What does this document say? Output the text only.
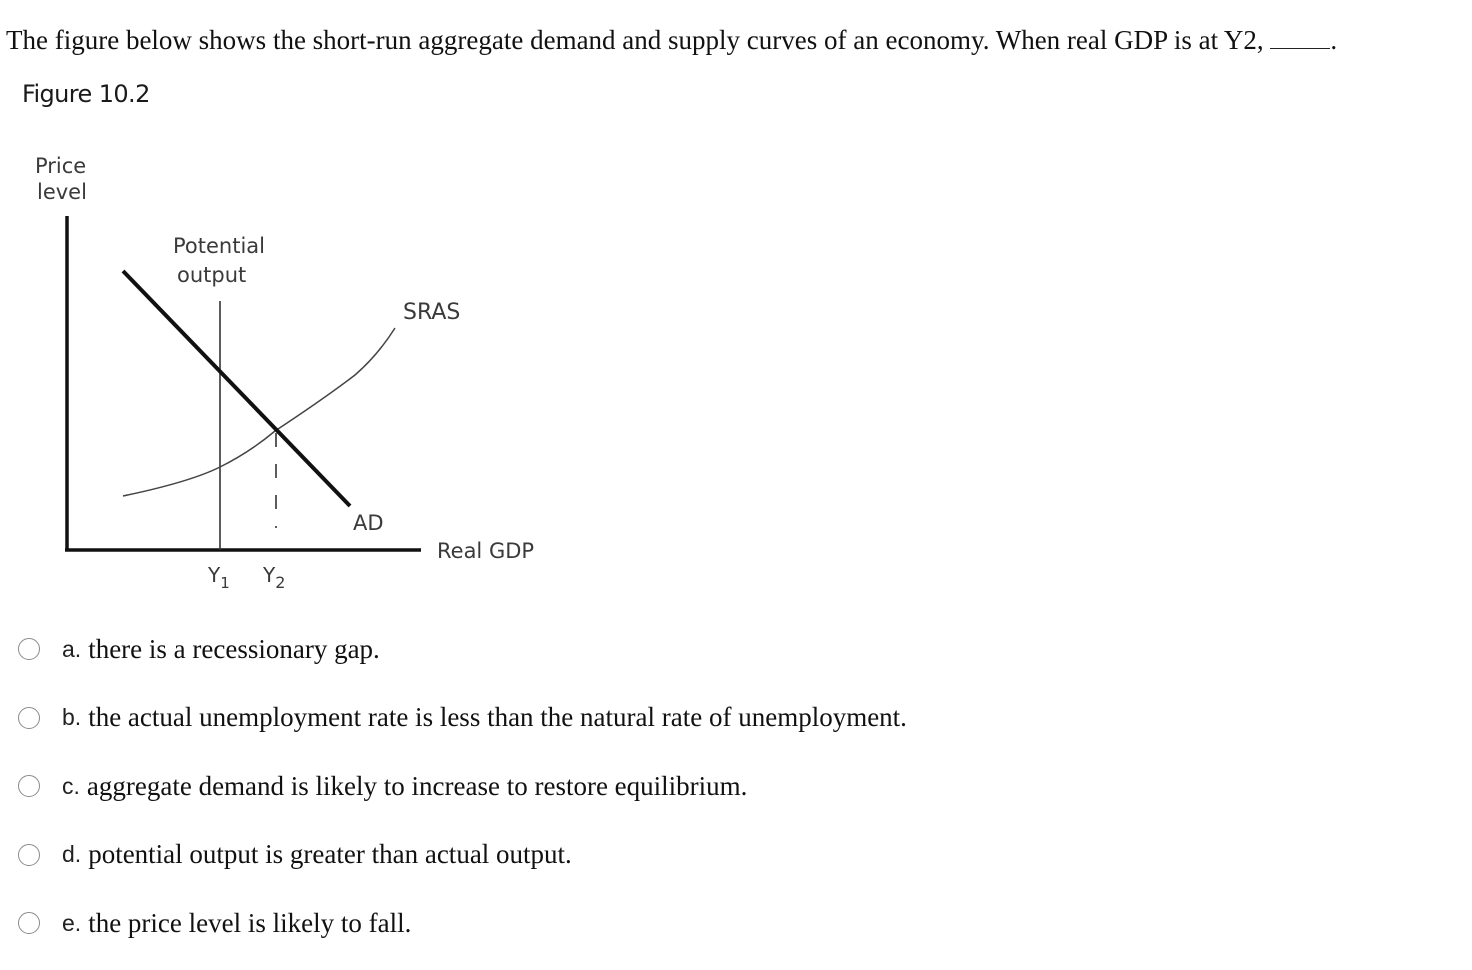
The figure below shows the short-run aggregate demand and supply curves of an economy. When real GDP is at Y2, .
Figure 10.2
Price
level
Real GDP
Potential
output
SRAS
AD
$Y_1$ $Y_2$
a. there is a recessionary gap.
b. the actual unemployment rate is less than the natural rate of unemployment.
c. aggregate demand is likely to increase to restore equilibrium.
d. potential output is greater than actual output.
e. the price level is likely to fall.
